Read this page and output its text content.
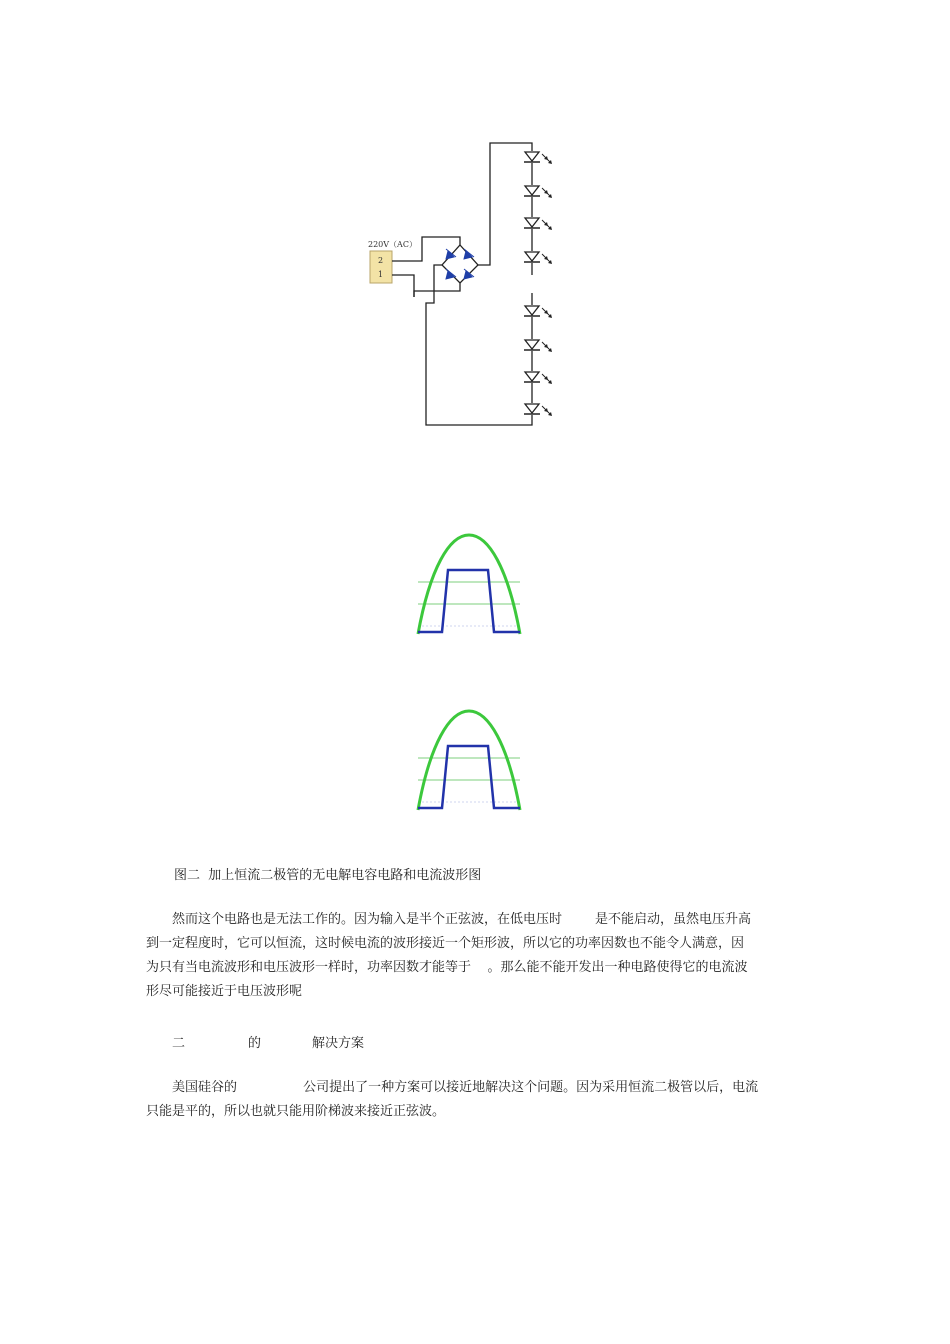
220V（AC）
2
1
图二  加上恒流二极管的无电解电容电路和电流波形图
然而这个电路也是无法工作的。因为输入是半个正弦波，在低电压时        是不能启动，虽然电压升高
到一定程度时，它可以恒流，这时候电流的波形接近一个矩形波，所以它的功率因数也不能令人满意，因
为只有当电流波形和电压波形一样时，功率因数才能等于    。那么能不能开发出一种电路使得它的电流波
形尽可能接近于电压波形呢
二	的	解决方案
美国硅谷的                公司提出了一种方案可以接近地解决这个问题。因为采用恒流二极管以后，电流
只能是平的，所以也就只能用阶梯波来接近正弦波。
